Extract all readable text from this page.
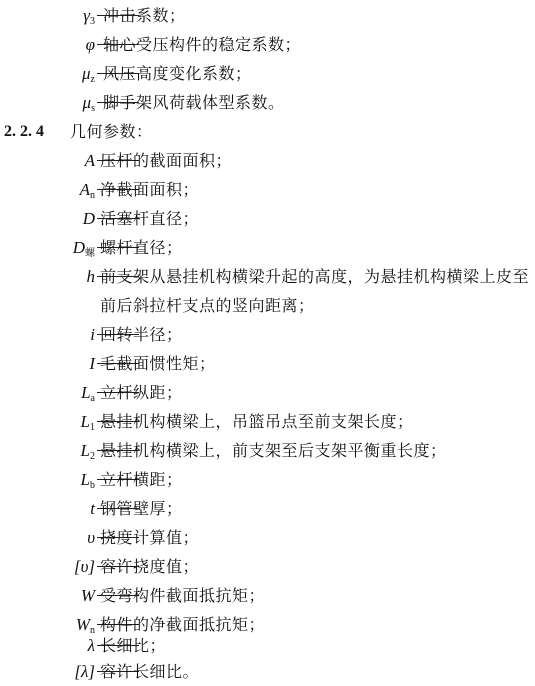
$\gamma_3$ 冲击系数；
φ 轴心受压构件的稳定系数；
$\mu_z$ 风压高度变化系数；
$\mu_s$ 脚手架风荷载体型系数。
2. 2. 4 几何参数：
A 压杆的截面面积；
$A_n$ 净截面面积；
D 活塞杆直径；
$D_螺$ 螺杆直径；
h 前支架从悬挂机构横梁升起的高度，为悬挂机构横梁上皮至前后斜拉杆支点的竖向距离；
i 回转半径；
I 毛截面惯性矩；
$L_a$ 立杆纵距；
$L_1$ 悬挂机构横梁上，吊篮吊点至前支架长度；
$L_2$ 悬挂机构横梁上，前支架至后支架平衡重长度；
$L_b$ 立杆横距；
t 钢管壁厚；
υ 挠度计算值；
[υ] 容许挠度值；
W 受弯构件截面抵抗矩；
$W_n$ 构件的净截面抵抗矩；
λ 长细比；
[λ] 容许长细比。
